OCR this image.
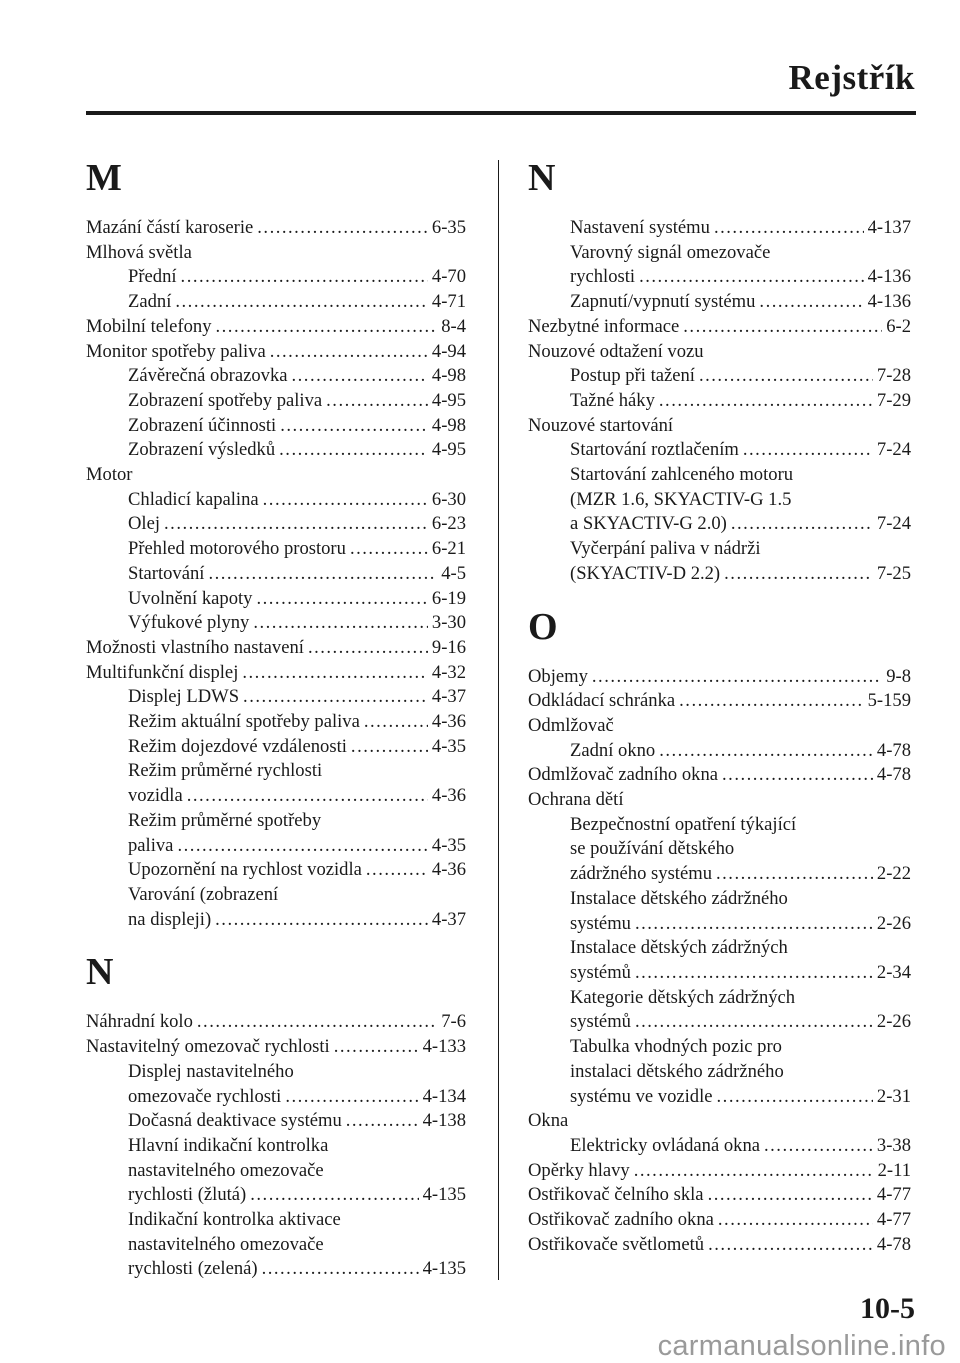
Rejstřík
M
Mazání částí karoserie .....	6-35
Mlhová světla
Přední .....	4-70
Zadní .....	4-71
Mobilní telefony .....	8-4
Monitor spotřeby paliva .....	4-94
Závěrečná obrazovka .....	4-98
Zobrazení spotřeby paliva .....	4-95
Zobrazení účinnosti .....	4-98
Zobrazení výsledků .....	4-95
Motor
Chladicí kapalina .....	6-30
Olej .....	6-23
Přehled motorového prostoru .....	6-21
Startování .....	4-5
Uvolnění kapoty .....	6-19
Výfukové plyny .....	3-30
Možnosti vlastního nastavení .....	9-16
Multifunkční displej .....	4-32
Displej LDWS .....	4-37
Režim aktuální spotřeby paliva .....	4-36
Režim dojezdové vzdálenosti .....	4-35
Režim průměrné rychlosti
vozidla .....	4-36
Režim průměrné spotřeby
paliva .....	4-35
Upozornění na rychlost vozidla .....	4-36
Varování (zobrazení
na displeji) .....	4-37
N
Náhradní kolo .....	7-6
Nastavitelný omezovač rychlosti .....	4-133
Displej nastavitelného
omezovače rychlosti .....	4-134
Dočasná deaktivace systému .....	4-138
Hlavní indikační kontrolka
nastavitelného omezovače
rychlosti (žlutá) .....	4-135
Indikační kontrolka aktivace
nastavitelného omezovače
rychlosti (zelená) .....	4-135
N
Nastavení systému .....	4-137
Varovný signál omezovače
rychlosti .....	4-136
Zapnutí/vypnutí systému .....	4-136
Nezbytné informace .....	6-2
Nouzové odtažení vozu
Postup při tažení .....	7-28
Tažné háky .....	7-29
Nouzové startování
Startování roztlačením .....	7-24
Startování zahlceného motoru
(MZR 1.6, SKYACTIV-G 1.5
a SKYACTIV-G 2.0) .....	7-24
Vyčerpání paliva v nádrži
(SKYACTIV-D 2.2) .....	7-25
O
Objemy .....	9-8
Odkládací schránka .....	5-159
Odmlžovač
Zadní okno .....	4-78
Odmlžovač zadního okna .....	4-78
Ochrana dětí
Bezpečnostní opatření týkající
se používání dětského
zádržného systému .....	2-22
Instalace dětského zádržného
systému .....	2-26
Instalace dětských zádržných
systémů .....	2-34
Kategorie dětských zádržných
systémů .....	2-26
Tabulka vhodných pozic pro
instalaci dětského zádržného
systému ve vozidle .....	2-31
Okna
Elektricky ovládaná okna .....	3-38
Opěrky hlavy .....	2-11
Ostřikovač čelního skla .....	4-77
Ostřikovač zadního okna .....	4-77
Ostřikovače světlometů .....	4-78
10-5
carmanualsonline.info
